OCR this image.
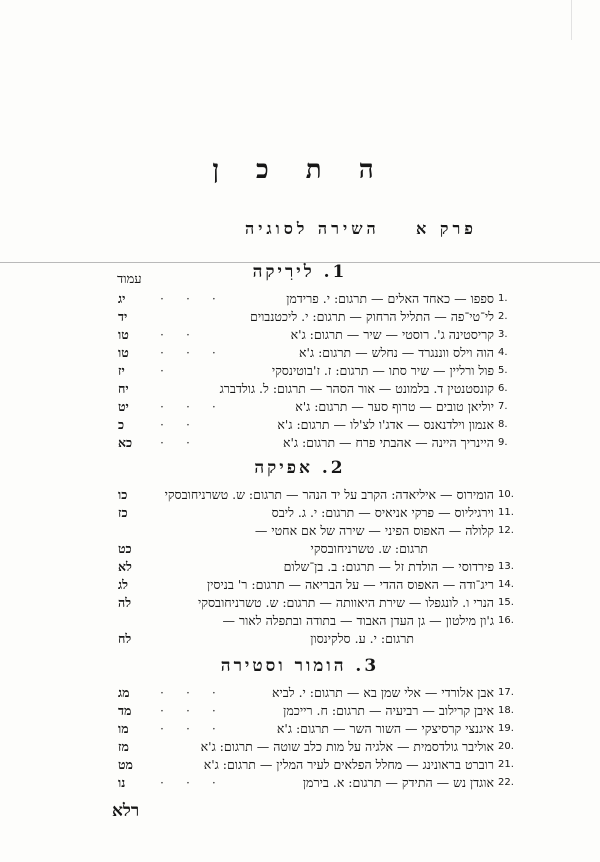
ה ת כ ן
פרק א
השירה לסוגיה
עמוד	1. לירִיקה
יג	· · ·	ספפו — כאחד האלים — תרגום: י. פרידמן 1.
יד	לי־טי־פה — התליל הרחוק — תרגום: י. ליכטנבוים 2.
טו	· ·	קריסטינה ג'. רוסטי — שיר — תרגום: ג'א 3.
טו	· · ·	הוה וילס ווננגרד — נחלש — תרגום: ג'א 4.
יז	·	פול ורליין — שיר סתו — תרגום: ז. ז'בוטינסקי 5.
יח	קונסטנטין ד. בלמונט — אור הסהר — תרגום: ל. גולדברג 6.
יט	· · ·	יוליאן טובים — טרוף סער — תרגום: ג'א 7.
כ	· ·	אנמון וילדנאנס — אדג'ו לצ'לו — תרגום: ג'א 8.
כא	· ·	היינריך היינה — אהבתי פרח — תרגום: ג'א 9.
2. אפיקה
כו	הומירוס — איליאדה: הקרב על יד הנהר — תרגום: ש. טשרניחובסקי 10.
כז	וירגיליוס — פרקי אניאיס — תרגום: י. ג. ליבס 11.
קלולה — האפוס הפיני — שירה של אם אחטי — 12.
כט	תרגום: ש. טשרניחובסקי
לא	פירדוסי — הולדת זל — תרגום: ב. בן־שלום 13.
לג	ריג־ודה — האפוס ההדי — על הבריאה — תרגום: ר' בניסין 14.
לה	הנרי ו. לונגפלו — שירת היאוותה — תרגום: ש. טשרניחובסקי 15.
ג'ון מילטון — גן העדן האבוד — בתודה ובתפלה לאור — 16.
לח	תרגום: י. ע. סלקינסון
3. הומור וסטירה
מג	· · ·	אבן אלורדי — אלי שמן בא — תרגום: י. לביא 17.
מד	· · ·	איבן קרילוב — רביעיה — תרגום: ח. רייכמן 18.
מו	· · ·	איגנצי קרסיצקי — השור השר — תרגום: ג'א 19.
מז	אוליבר גולדסמית — אלגיה על מות כלב שוטה — תרגום: ג'א 20.
מט	רוברט בראונינג — מחלל הפלאים לעיר המלין — תרגום: ג'א 21.
נו	· · ·	אוגדן נש — התידק — תרגום: א. בירמן 22.
רלא
